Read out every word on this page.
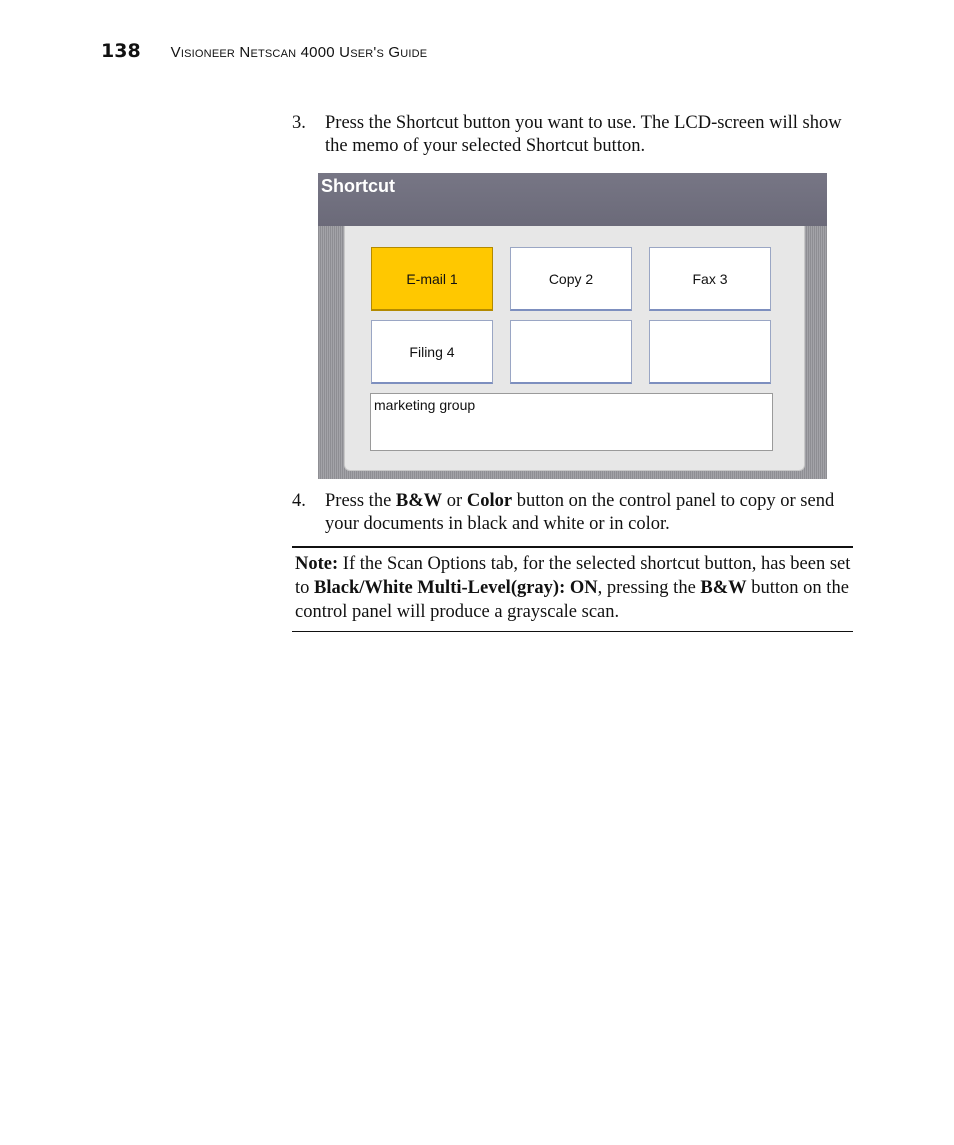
138 Visioneer Netscan 4000 User's Guide
3.	Press the Shortcut button you want to use. The LCD-screen will show the memo of your selected Shortcut button.
Shortcut
E-mail 1	Copy 2	Fax 3
Filing 4
marketing group
4.	Press the B&W or Color button on the control panel to copy or send your documents in black and white or in color.
Note: If the Scan Options tab, for the selected shortcut button, has been set to Black/White Multi-Level(gray): ON, pressing the B&W button on the control panel will produce a grayscale scan.
